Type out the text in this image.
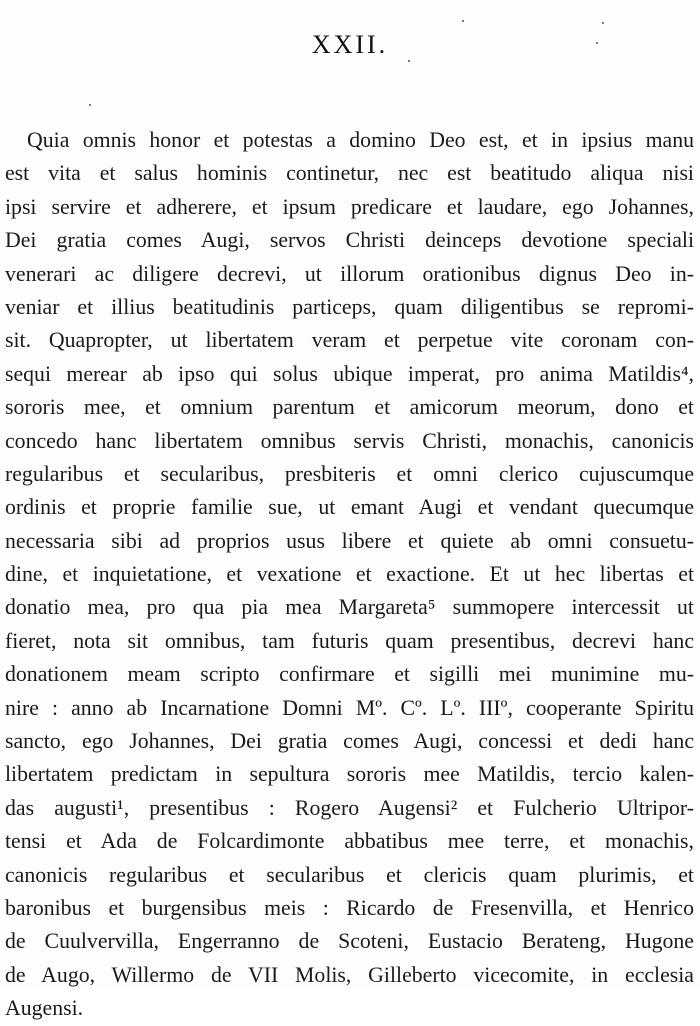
XXII.
Quia omnis honor et potestas a domino Deo est, et in ipsius manu
est vita et salus hominis continetur, nec est beatitudo aliqua nisi
ipsi servire et adherere, et ipsum predicare et laudare, ego Johannes,
Dei gratia comes Augi, servos Christi deinceps devotione speciali
venerari ac diligere decrevi, ut illorum orationibus dignus Deo in-
veniar et illius beatitudinis particeps, quam diligentibus se repromi-
sit. Quapropter, ut libertatem veram et perpetue vite coronam con-
sequi merear ab ipso qui solus ubique imperat, pro anima Matildis⁴,
sororis mee, et omnium parentum et amicorum meorum, dono et
concedo hanc libertatem omnibus servis Christi, monachis, canonicis
regularibus et secularibus, presbiteris et omni clerico cujuscumque
ordinis et proprie familie sue, ut emant Augi et vendant quecumque
necessaria sibi ad proprios usus libere et quiete ab omni consuetu-
dine, et inquietatione, et vexatione et exactione. Et ut hec libertas et
donatio mea, pro qua pia mea Margareta⁵ summopere intercessit ut
fieret, nota sit omnibus, tam futuris quam presentibus, decrevi hanc
donationem meam scripto confirmare et sigilli mei munimine mu-
nire : anno ab Incarnatione Domni Mº. Cº. Lº. IIIº, cooperante Spiritu
sancto, ego Johannes, Dei gratia comes Augi, concessi et dedi hanc
libertatem predictam in sepultura sororis mee Matildis, tercio kalen-
das augusti¹, presentibus : Rogero Augensi² et Fulcherio Ultripor-
tensi et Ada de Folcardimonte abbatibus mee terre, et monachis,
canonicis regularibus et secularibus et clericis quam plurimis, et
baronibus et burgensibus meis : Ricardo de Fresenvilla, et Henrico
de Cuulvervilla, Engerranno de Scoteni, Eustacio Berateng, Hugone
de Augo, Willermo de VII Molis, Gilleberto vicecomite, in ecclesia
Augensi.
